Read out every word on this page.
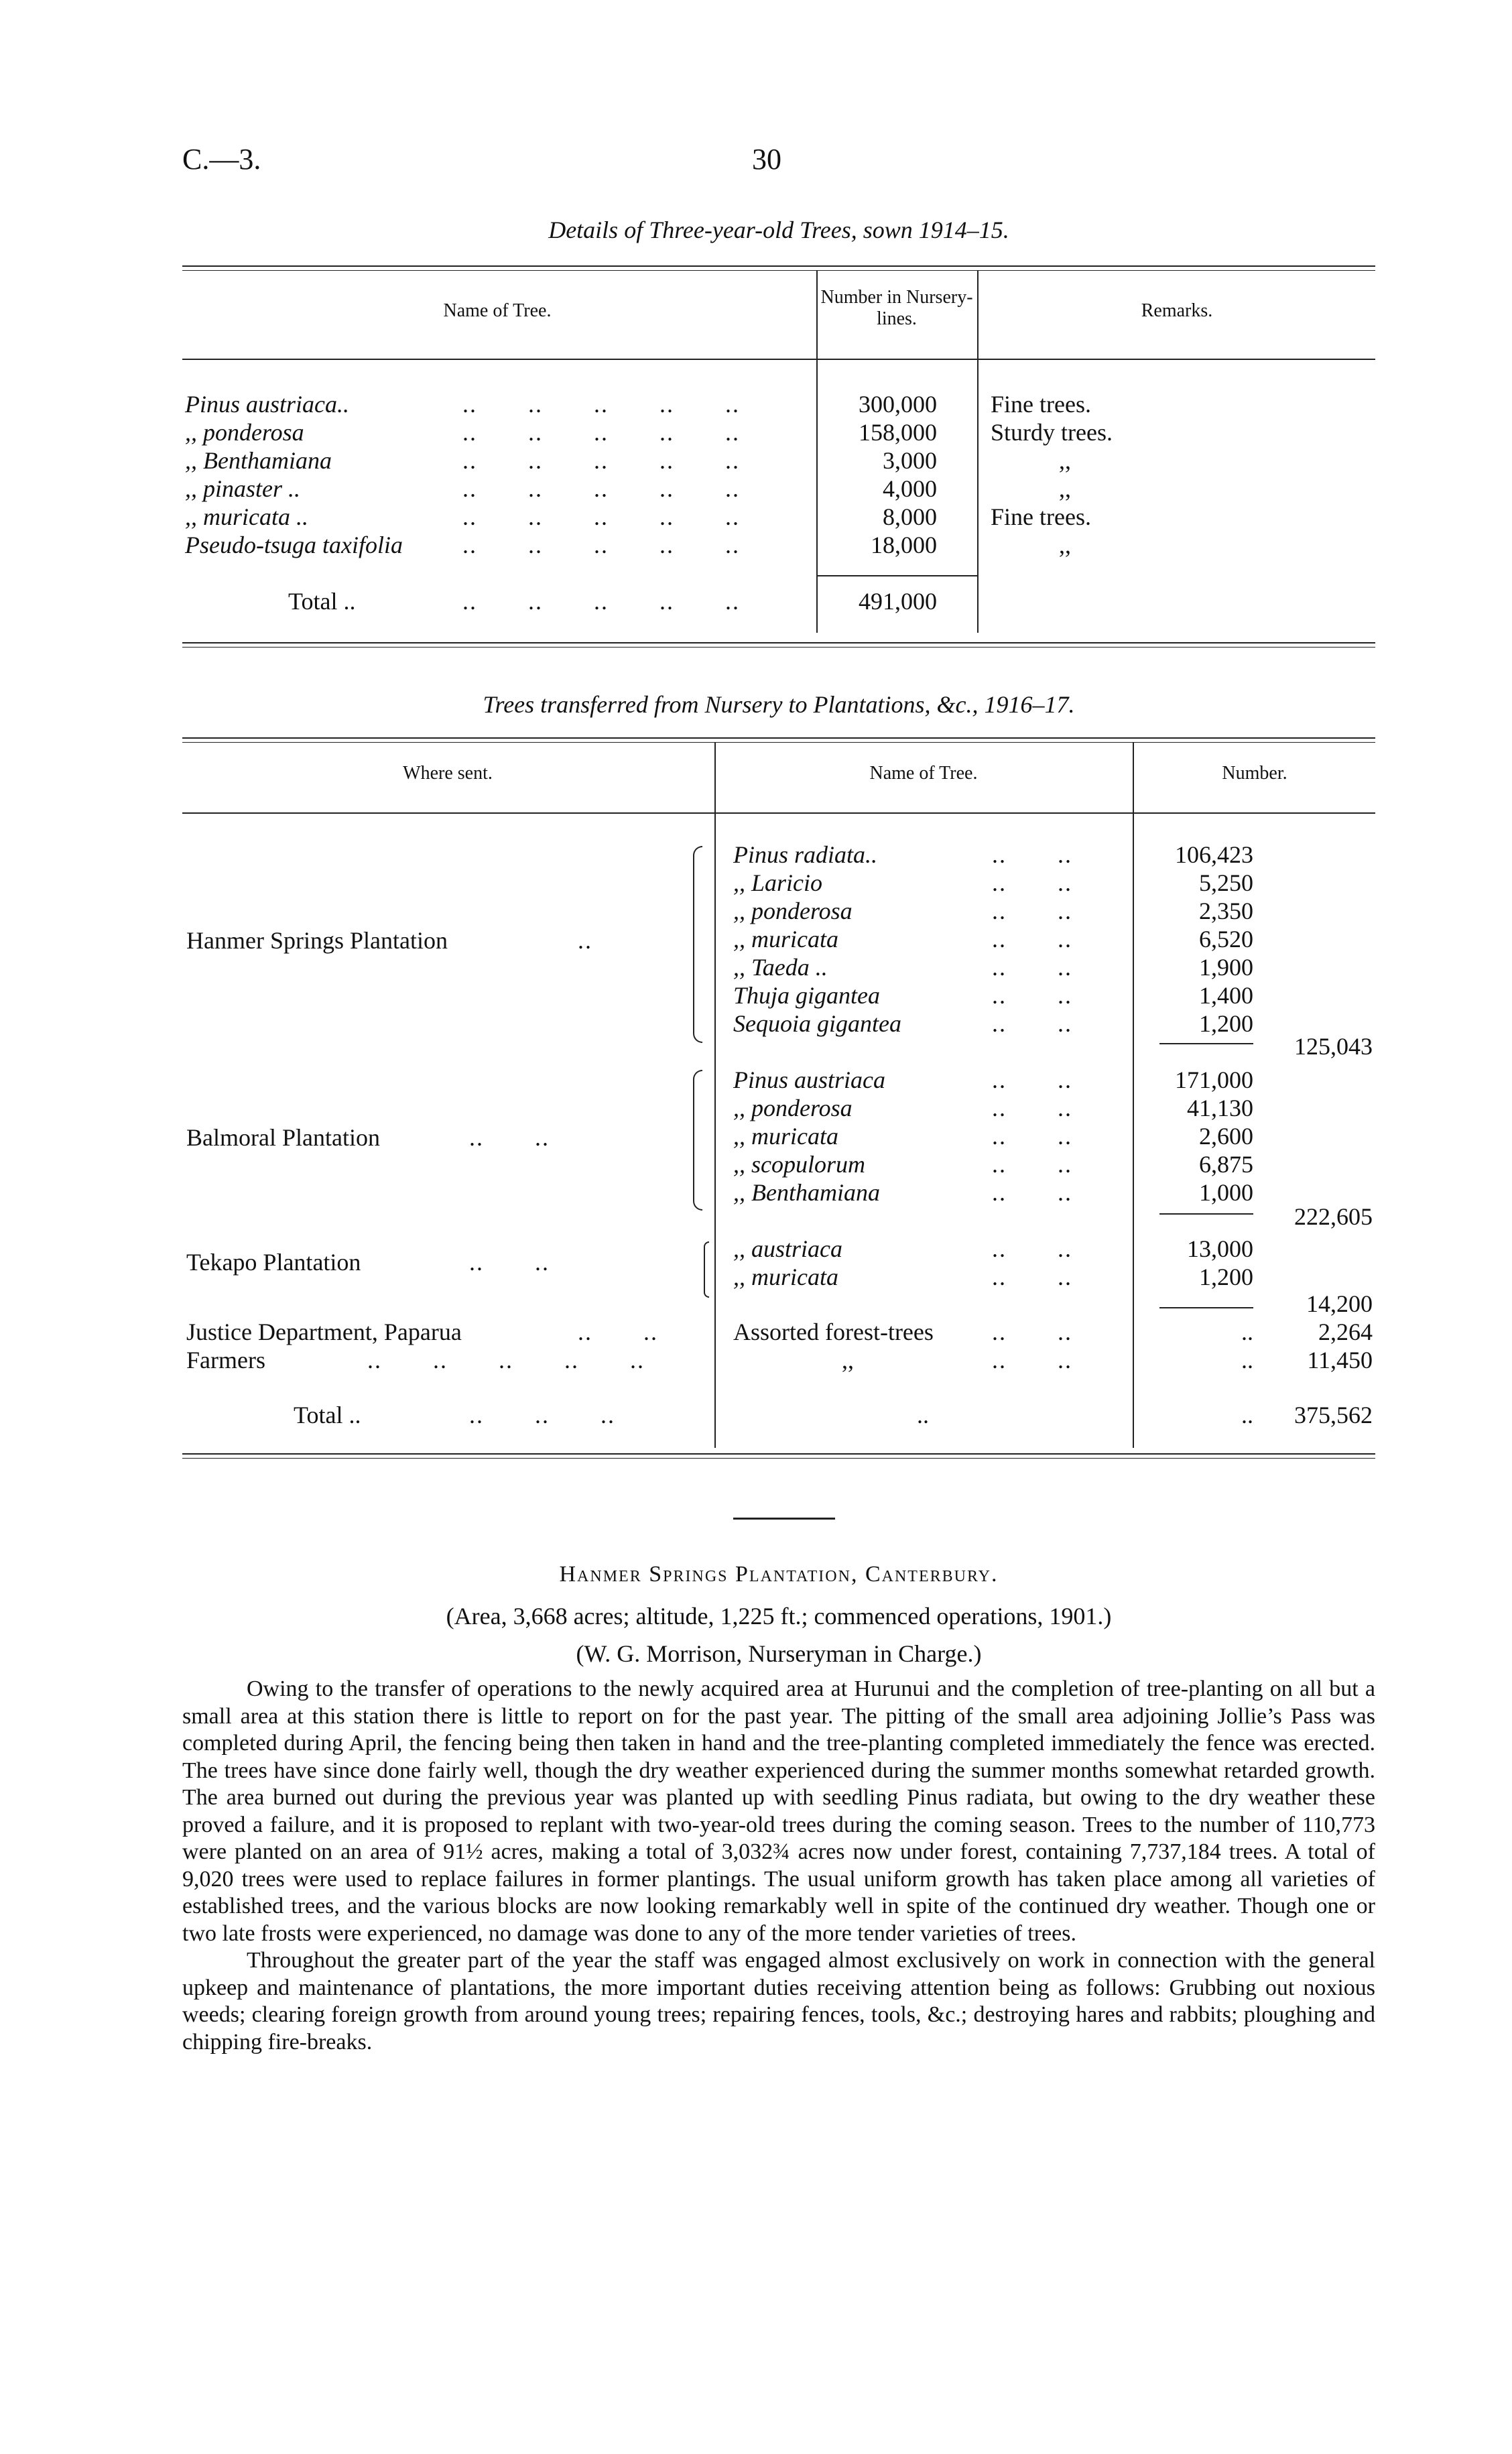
C.—3.	30
Details of Three-year-old Trees, sown 1914–15.
Name of Tree.
Number in Nursery-lines.	Remarks.
Pinus austriaca..	..  ..  ..  ..  ..	300,000 Fine trees.
,, ponderosa	..  ..  ..  ..  ..	158,000 Sturdy trees.
,, Benthamiana	..  ..  ..  ..  ..	3,000	,,
,, pinaster ..	..  ..  ..  ..  ..	4,000	,,
,, muricata ..	..  ..  ..  ..  ..	8,000 Fine trees.
Pseudo-tsuga taxifolia ..  ..  ..  ..  ..	18,000	,,
Total ..	..  ..  ..  ..  ..	491,000
Trees transferred from Nursery to Plantations, &c., 1916–17.
Where sent.	Name of Tree.	Number.
Hanmer Springs Plantation	..
Pinus radiata..	..  ..	106,423
,, Laricio	..  ..	5,250
,, ponderosa	..  ..	2,350
,, muricata	..  ..	6,520
,, Taeda ..	..  ..	1,900
Thuja gigantea	..  ..	1,400
Sequoia gigantea	..  ..	1,200
125,043
Balmoral Plantation	..  ..
Pinus austriaca	..  ..	171,000
,, ponderosa	..  ..	41,130
,, muricata	..  ..	2,600
,, scopulorum	..  ..	6,875
,, Benthamiana	..  ..	1,000
222,605
Tekapo Plantation	..  ..	,, austriaca	..  ..	13,000
,, muricata	..  ..	1,200
14,200
Justice Department, Paparua	..  ..	Assorted forest-trees ..  ..	..	2,264
Farmers	..  ..  ..  ..  ..	,,	..  ..	..	11,450
Total ..	..  ..  ..	..	..	375,562
Hanmer Springs Plantation, Canterbury.
(Area, 3,668 acres; altitude, 1,225 ft.; commenced operations, 1901.)
(W. G. Morrison, Nurseryman in Charge.)

Owing to the transfer of operations to the newly acquired area at Hurunui and the completion of tree-planting on all but a small area at this station there is little to report on for the past year. The pitting of the small area adjoining Jollie’s Pass was completed during April, the fencing being then taken in hand and the tree-planting completed immediately the fence was erected. The trees have since done fairly well, though the dry weather experienced during the summer months somewhat retarded growth. The area burned out during the previous year was planted up with seedling Pinus radiata, but owing to the dry weather these proved a failure, and it is proposed to replant with two-year-old trees during the coming season. Trees to the number of 110,773 were planted on an area of 91½ acres, making a total of 3,032¾ acres now under forest, containing 7,737,184 trees. A total of 9,020 trees were used to replace failures in former plantings. The usual uniform growth has taken place among all varieties of established trees, and the various blocks are now looking remarkably well in spite of the continued dry weather. Though one or two late frosts were experienced, no damage was done to any of the more tender varieties of trees.

Throughout the greater part of the year the staff was engaged almost exclusively on work in connection with the general upkeep and maintenance of plantations, the more important duties receiving attention being as follows: Grubbing out noxious weeds; clearing foreign growth from around young trees; repairing fences, tools, &c.; destroying hares and rabbits; ploughing and chipping fire-breaks.
